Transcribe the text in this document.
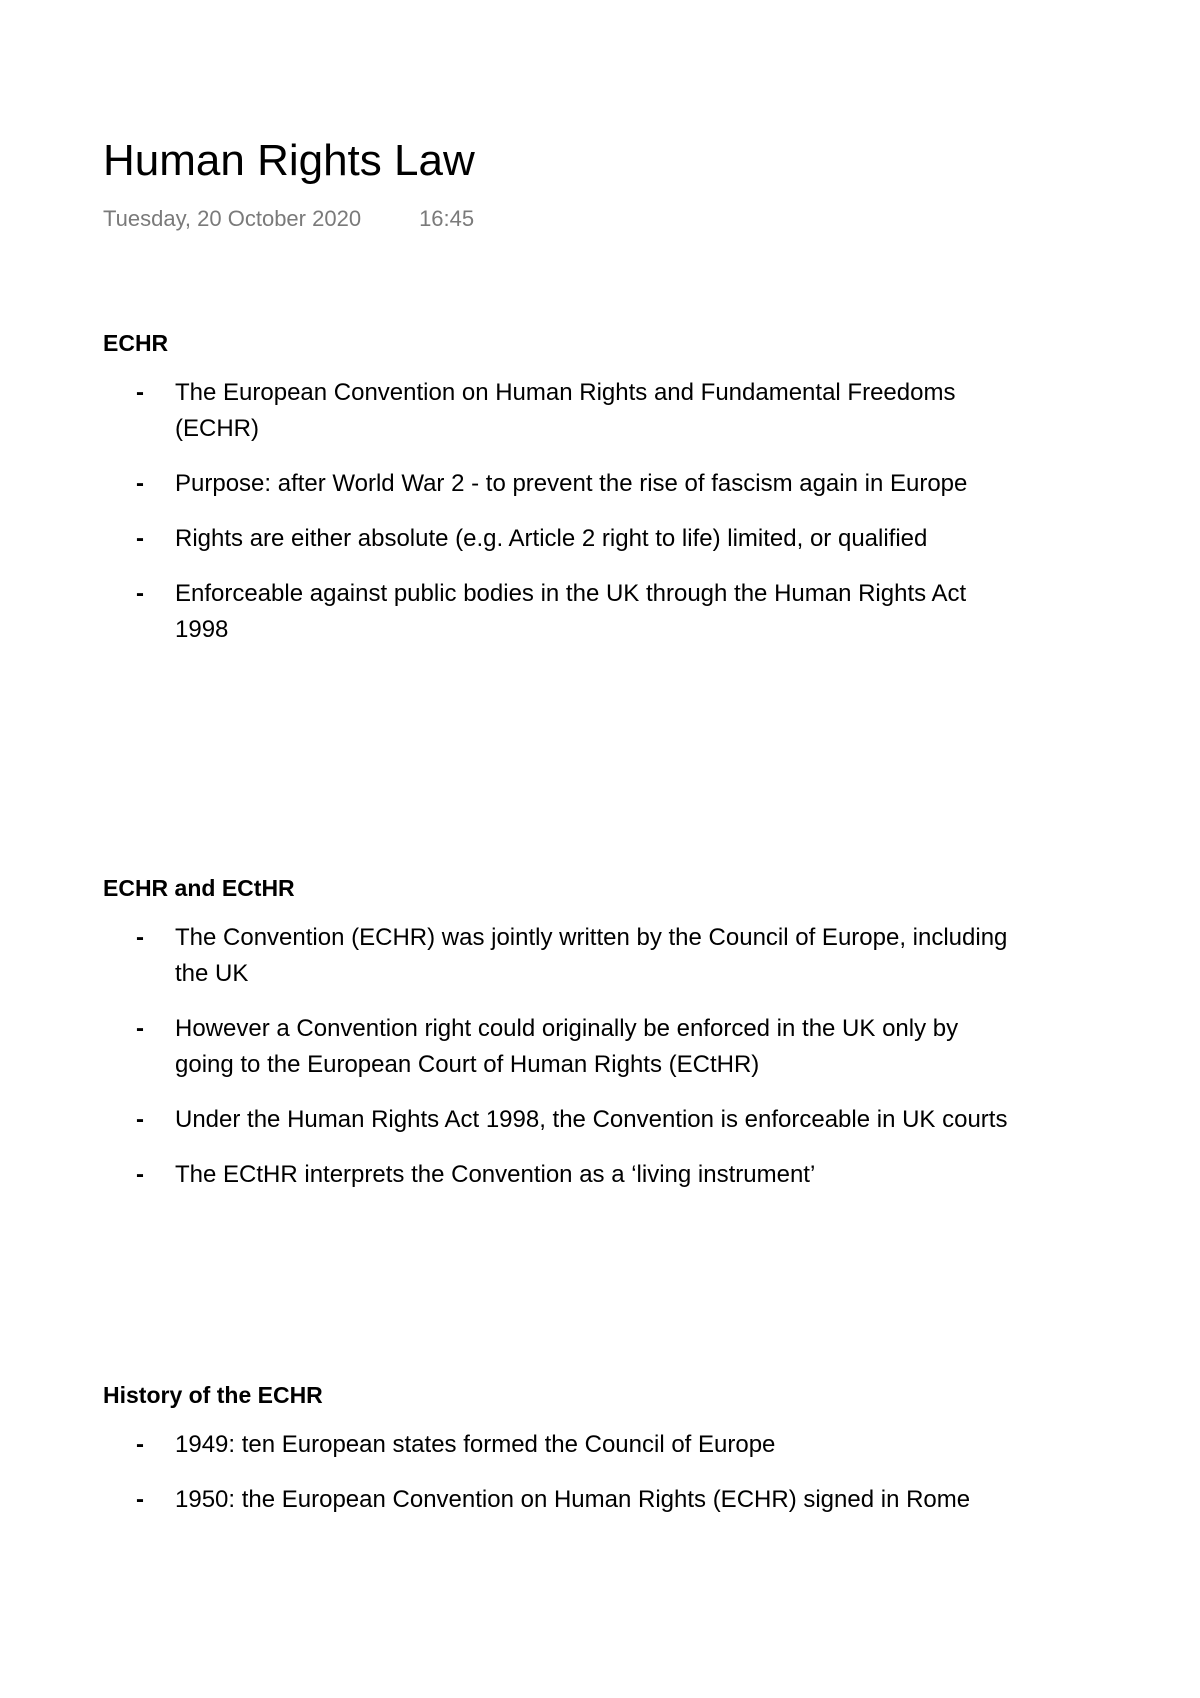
Human Rights Law
Tuesday, 20 October 2020	16:45
ECHR
- The European Convention on Human Rights and Fundamental Freedoms (ECHR)
- Purpose: after World War 2 - to prevent the rise of fascism again in Europe
- Rights are either absolute (e.g. Article 2 right to life) limited, or qualified
- Enforceable against public bodies in the UK through the Human Rights Act 1998
ECHR and ECtHR
- The Convention (ECHR) was jointly written by the Council of Europe, including the UK
- However a Convention right could originally be enforced in the UK only by going to the European Court of Human Rights (ECtHR)
- Under the Human Rights Act 1998, the Convention is enforceable in UK courts
- The ECtHR interprets the Convention as a ‘living instrument’
History of the ECHR
- 1949: ten European states formed the Council of Europe
- 1950: the European Convention on Human Rights (ECHR) signed in Rome
